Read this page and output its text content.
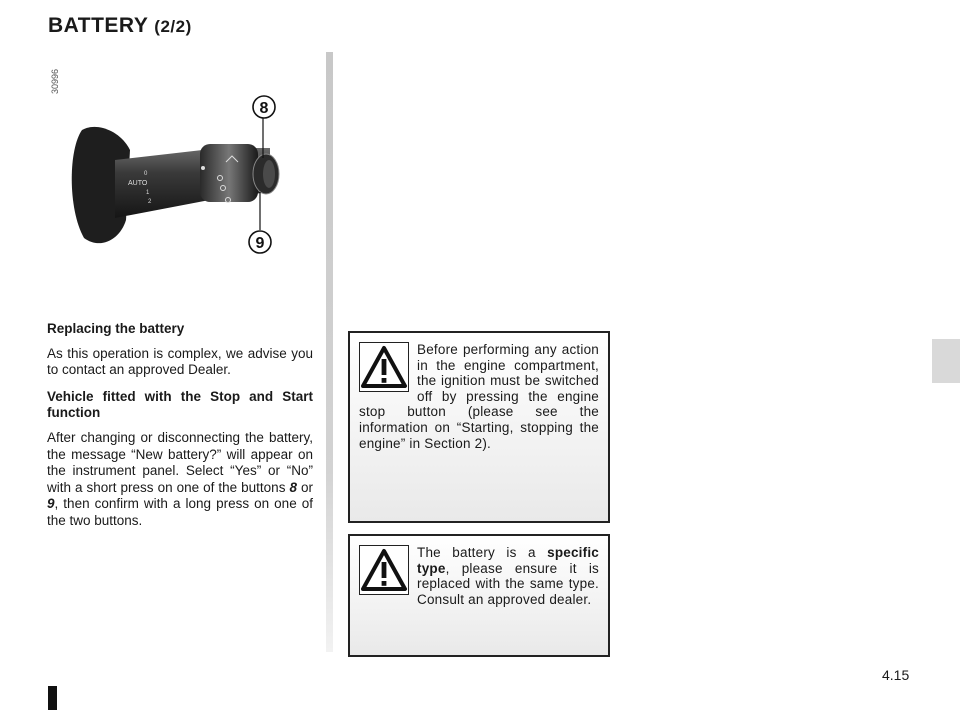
BATTERY (2/2)
30996
AUTO
0
1
2
8
9
Replacing the battery

As this operation is complex, we advise you to contact an approved Dealer.

Vehicle fitted with the Stop and Start function

After changing or disconnecting the battery, the message “New battery?” will appear on the instrument panel. Select “Yes” or “No” with a short press on one of the buttons 8 or 9, then confirm with a long press on one of the two buttons.

Before performing any action in the engine compartment, the ignition must be switched off by pressing the engine stop button (please see the information on “Starting, stopping the engine” in Section 2).
The battery is a specific type, please ensure it is replaced with the same type. Consult an approved dealer.
4.15
